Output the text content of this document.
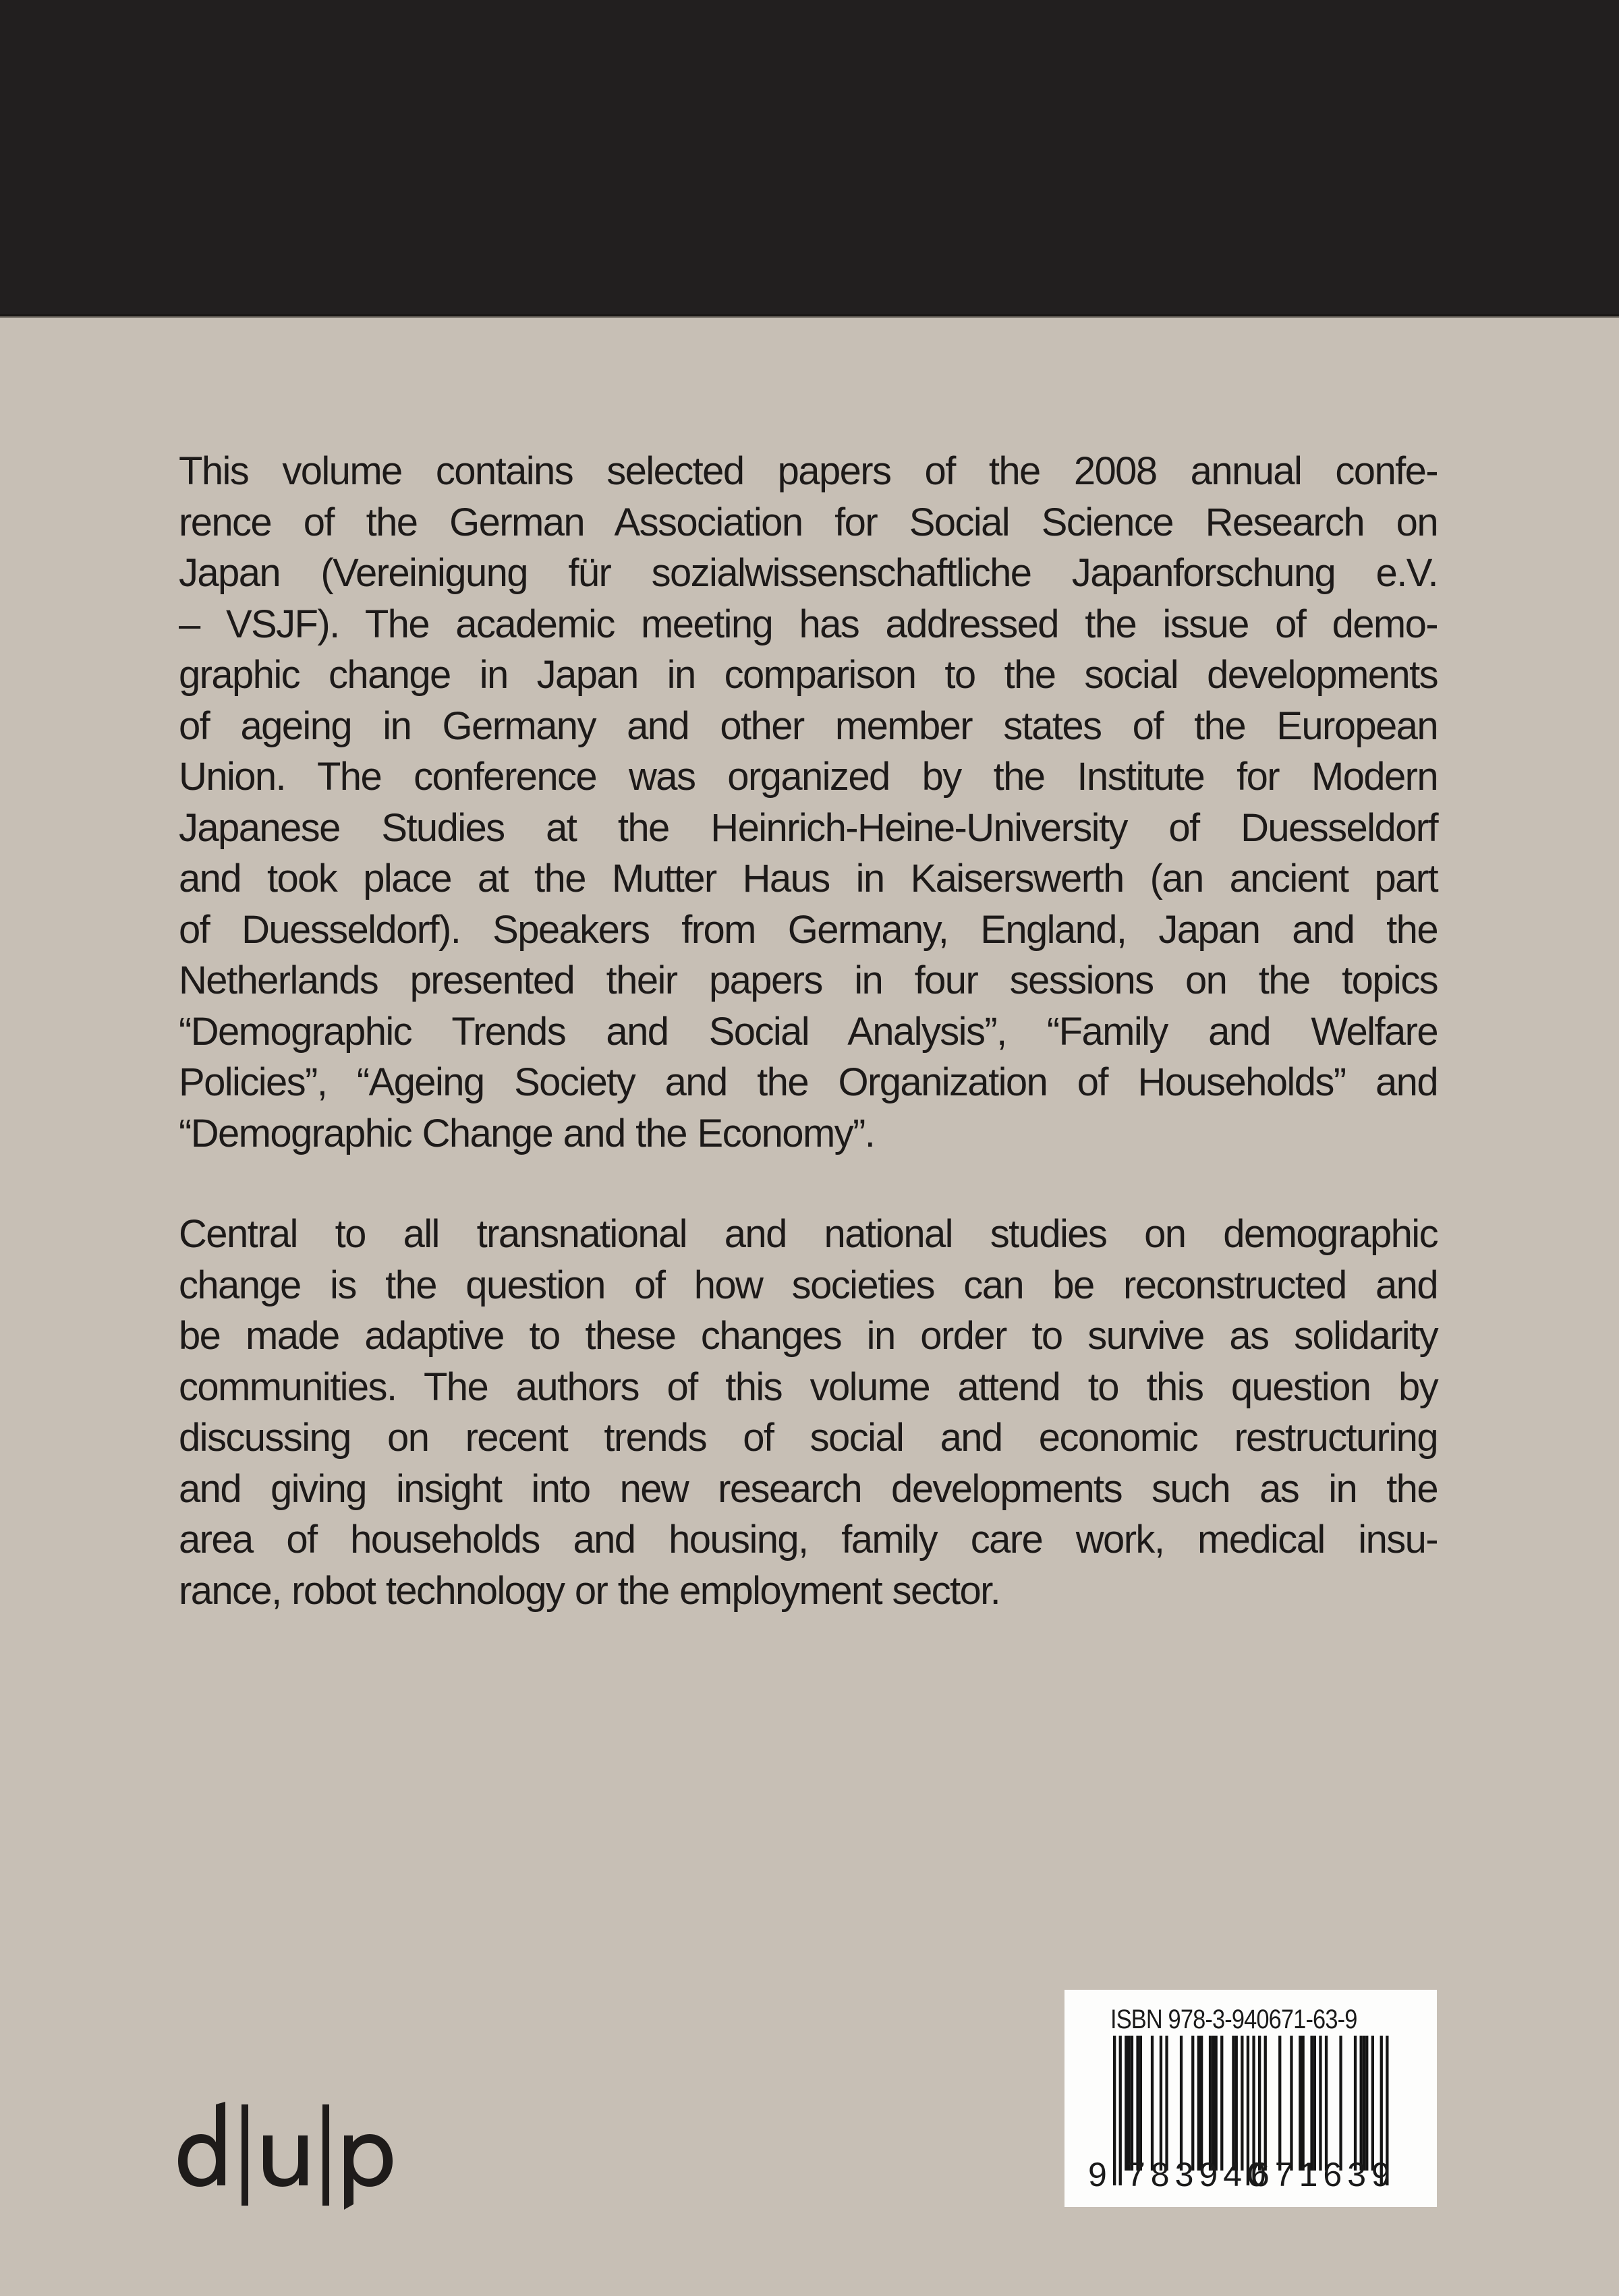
This volume contains selected papers of the 2008 annual confe-
rence of the German Association for Social Science Research on
Japan (Vereinigung für sozialwissenschaftliche Japanforschung e.V.
– VSJF). The academic meeting has addressed the issue of demo-
graphic change in Japan in comparison to the social developments
of ageing in Germany and other member states of the European
Union. The conference was organized by the Institute for Modern
Japanese Studies at the Heinrich-Heine-University of Duesseldorf
and took place at the Mutter Haus in Kaiserswerth (an ancient part
of Duesseldorf). Speakers from Germany, England, Japan and the
Netherlands presented their papers in four sessions on the topics
“Demographic Trends and Social Analysis”, “Family and Welfare
Policies”, “Ageing Society and the Organization of Households” and
“Demographic Change and the Economy”.
Central to all transnational and national studies on demographic
change is the question of how societies can be reconstructed and
be made adaptive to these changes in order to survive as solidarity
communities. The authors of this volume attend to this question by
discussing on recent trends of social and economic restructuring
and giving insight into new research developments such as in the
area of households and housing, family care work, medical insu-
rance, robot technology or the employment sector.
ISBN 978-3-940671-63-9
9 783940
671639
